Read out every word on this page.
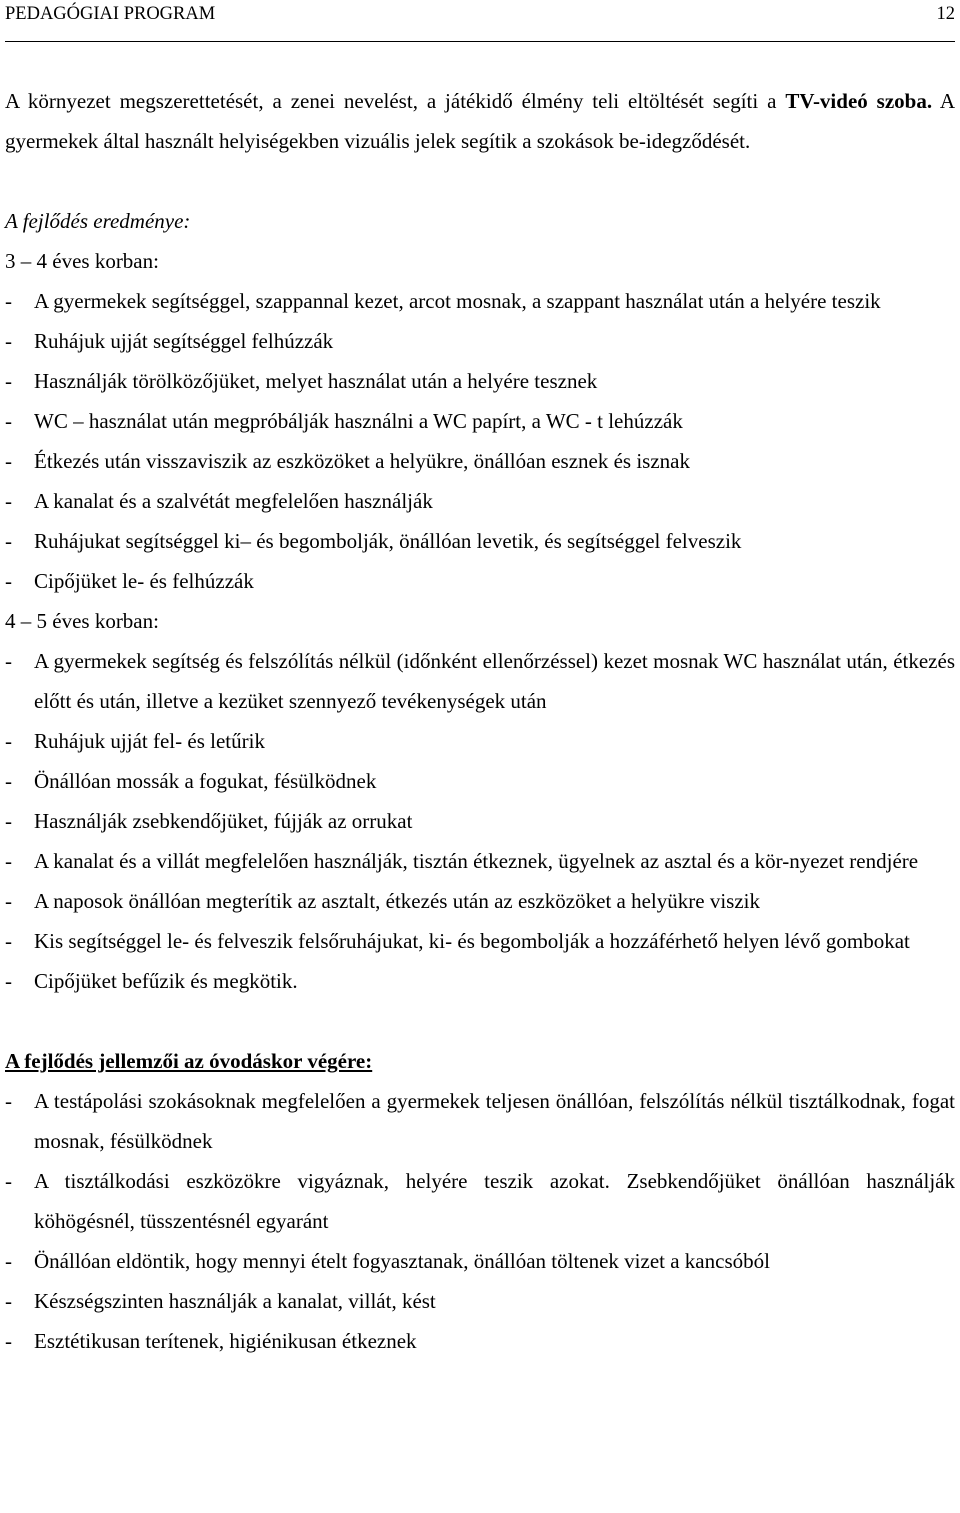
PEDAGÓGIAI PROGRAM	12

A környezet megszerettetését, a zenei nevelést, a játékidő élmény teli eltöltését segíti a TV-videó szoba. A gyermekek által használt helyiségekben vizuális jelek segítik a szokások be-idegződését.

A fejlődés eredménye:

3 – 4 éves korban:

- A gyermekek segítséggel, szappannal kezet, arcot mosnak, a szappant használat után a helyére teszik
- Ruhájuk ujját segítséggel felhúzzák
- Használják törölközőjüket, melyet használat után a helyére tesznek
- WC – használat után megpróbálják használni a WC papírt, a WC - t lehúzzák
- Étkezés után visszaviszik az eszközöket a helyükre, önállóan esznek és isznak
- A kanalat és a szalvétát megfelelően használják
- Ruhájukat segítséggel ki– és begombolják, önállóan levetik, és segítséggel felveszik
- Cipőjüket le- és felhúzzák

4 – 5 éves korban:

- A gyermekek segítség és felszólítás nélkül (időnként ellenőrzéssel) kezet mosnak WC használat után, étkezés előtt és után, illetve a kezüket szennyező tevékenységek után
- Ruhájuk ujját fel- és letűrik
- Önállóan mossák a fogukat, fésülködnek
- Használják zsebkendőjüket, fújják az orrukat
- A kanalat és a villát megfelelően használják, tisztán étkeznek, ügyelnek az asztal és a kör-nyezet rendjére
- A naposok önállóan megterítik az asztalt, étkezés után az eszközöket a helyükre viszik
- Kis segítséggel le- és felveszik felsőruhájukat, ki- és begombolják a hozzáférhető helyen lévő gombokat
- Cipőjüket befűzik és megkötik.

A fejlődés jellemzői az óvodáskor végére:

- A testápolási szokásoknak megfelelően a gyermekek teljesen önállóan, felszólítás nélkül tisztálkodnak, fogat mosnak, fésülködnek
- A tisztálkodási eszközökre vigyáznak, helyére teszik azokat. Zsebkendőjüket önállóan használják köhögésnél, tüsszentésnél egyaránt
- Önállóan eldöntik, hogy mennyi ételt fogyasztanak, önállóan töltenek vizet a kancsóból
- Készségszinten használják a kanalat, villát, kést
- Esztétikusan terítenek, higiénikusan étkeznek
